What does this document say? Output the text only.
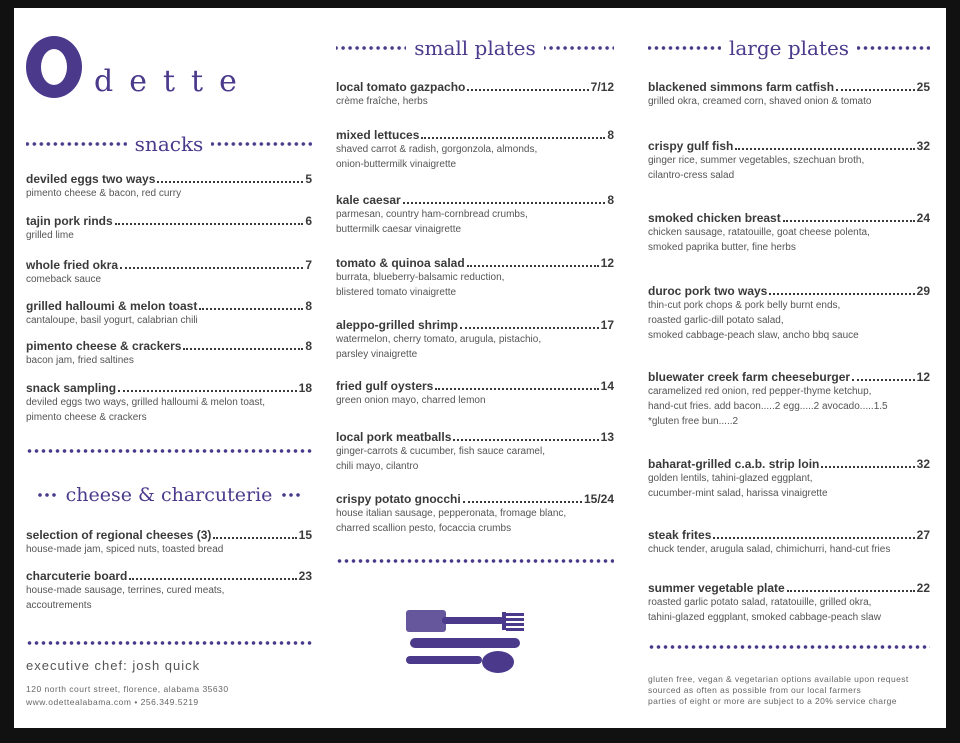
dette
snacks
deviled eggs two ways	5
pimento cheese & bacon, red curry
tajin pork rinds	6
grilled lime
whole fried okra	7
comeback sauce
grilled halloumi & melon toast	8
cantaloupe, basil yogurt, calabrian chili
pimento cheese & crackers	8
bacon jam, fried saltines
snack sampling	18
deviled eggs two ways, grilled halloumi & melon toast,
pimento cheese & crackers
cheese & charcuterie
selection of regional cheeses (3)	15
house-made jam, spiced nuts, toasted bread
charcuterie board	23
house-made sausage, terrines, cured meats,
accoutrements
executive chef: josh quick
120 north court street, florence, alabama 35630
www.odettealabama.com • 256.349.5219
small plates
local tomato gazpacho	7/12
crème fraîche, herbs
mixed lettuces	8
shaved carrot & radish, gorgonzola, almonds,
onion-buttermilk vinaigrette
kale caesar	8
parmesan, country ham-cornbread crumbs,
buttermilk caesar vinaigrette
tomato & quinoa salad	12
burrata, blueberry-balsamic reduction,
blistered tomato vinaigrette
aleppo-grilled shrimp	17
watermelon, cherry tomato, arugula, pistachio,
parsley vinaigrette
fried gulf oysters	14
green onion mayo, charred lemon
local pork meatballs	13
ginger-carrots & cucumber, fish sauce caramel,
chili mayo, cilantro
crispy potato gnocchi	15/24
house italian sausage, pepperonata, fromage blanc,
charred scallion pesto, focaccia crumbs
large plates
blackened simmons farm catfish	25
grilled okra, creamed corn, shaved onion & tomato
crispy gulf fish	32
ginger rice, summer vegetables, szechuan broth,
cilantro-cress salad
smoked chicken breast	24
chicken sausage, ratatouille, goat cheese polenta,
smoked paprika butter, fine herbs
duroc pork two ways	29
thin-cut pork chops & pork belly burnt ends,
roasted garlic-dill potato salad,
smoked cabbage-peach slaw, ancho bbq sauce
bluewater creek farm cheeseburger	12
caramelized red onion, red pepper-thyme ketchup,
hand-cut fries. add bacon.....2 egg.....2 avocado.....1.5
*gluten free bun.....2
baharat-grilled c.a.b. strip loin	32
golden lentils, tahini-glazed eggplant,
cucumber-mint salad, harissa vinaigrette
steak frites	27
chuck tender, arugula salad, chimichurri, hand-cut fries
summer vegetable plate	22
roasted garlic potato salad, ratatouille, grilled okra,
tahini-glazed eggplant, smoked cabbage-peach slaw
gluten free, vegan & vegetarian options available upon request
sourced as often as possible from our local farmers
parties of eight or more are subject to a 20% service charge
